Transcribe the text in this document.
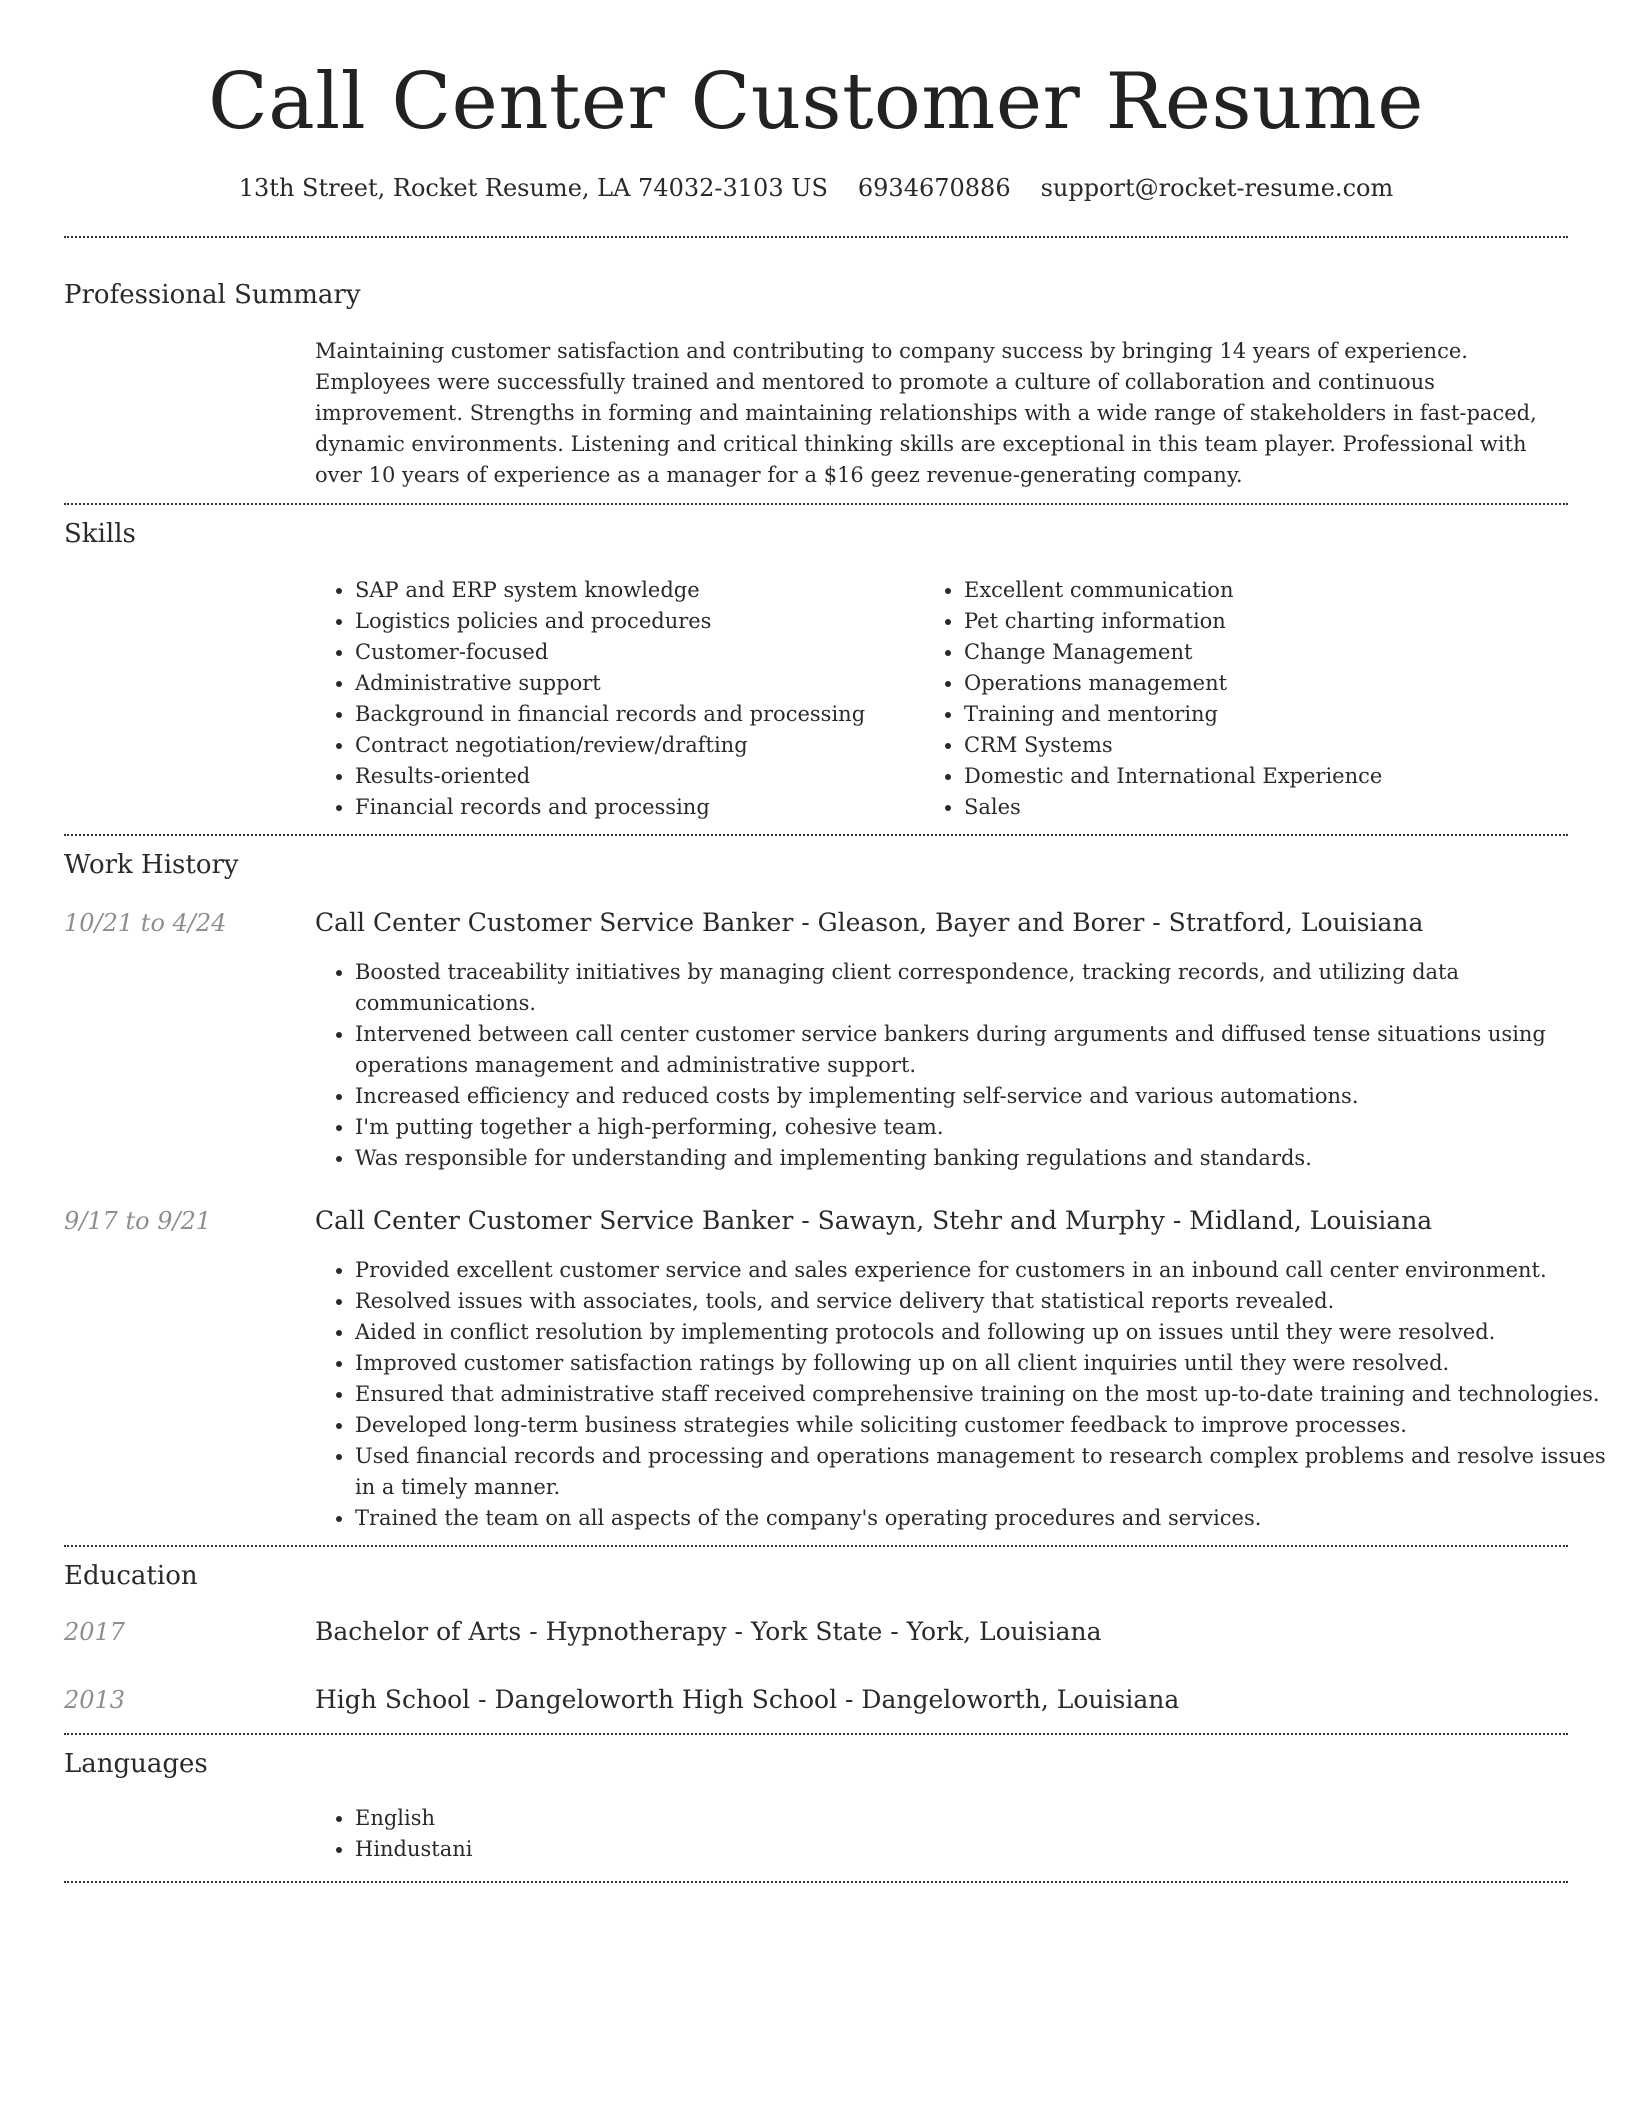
Call Center Customer Resume
13th Street, Rocket Resume, LA 74032-3103 US 6934670886 support@rocket-resume.com
Professional Summary

Maintaining customer satisfaction and contributing to company success by bringing 14 years of experience. Employees were successfully trained and mentored to promote a culture of collaboration and continuous improvement. Strengths in forming and maintaining relationships with a wide range of stakeholders in fast-paced, dynamic environments. Listening and critical thinking skills are exceptional in this team player. Professional with over 10 years of experience as a manager for a $16 geez revenue-generating company.

Skills
• SAP and ERP system knowledge
• Logistics policies and procedures
• Customer-focused
• Administrative support
• Background in financial records and processing
• Contract negotiation/review/drafting
• Results-oriented
• Financial records and processing
• Excellent communication
• Pet charting information
• Change Management
• Operations management
• Training and mentoring
• CRM Systems
• Domestic and International Experience
• Sales
Work History
10/21 to 4/24	Call Center Customer Service Banker - Gleason, Bayer and Borer - Stratford, Louisiana
• Boosted traceability initiatives by managing client correspondence, tracking records, and utilizing data communications.
• Intervened between call center customer service bankers during arguments and diffused tense situations using operations management and administrative support.
• Increased efficiency and reduced costs by implementing self-service and various automations.
• I'm putting together a high-performing, cohesive team.
• Was responsible for understanding and implementing banking regulations and standards.
9/17 to 9/21	Call Center Customer Service Banker - Sawayn, Stehr and Murphy - Midland, Louisiana
• Provided excellent customer service and sales experience for customers in an inbound call center environment.
• Resolved issues with associates, tools, and service delivery that statistical reports revealed.
• Aided in conflict resolution by implementing protocols and following up on issues until they were resolved.
• Improved customer satisfaction ratings by following up on all client inquiries until they were resolved.
• Ensured that administrative staff received comprehensive training on the most up-to-date training and technologies.
• Developed long-term business strategies while soliciting customer feedback to improve processes.
• Used financial records and processing and operations management to research complex problems and resolve issues in a timely manner.
• Trained the team on all aspects of the company's operating procedures and services.
Education
2017	Bachelor of Arts - Hypnotherapy - York State - York, Louisiana
2013	High School - Dangeloworth High School - Dangeloworth, Louisiana
Languages
• English
• Hindustani
